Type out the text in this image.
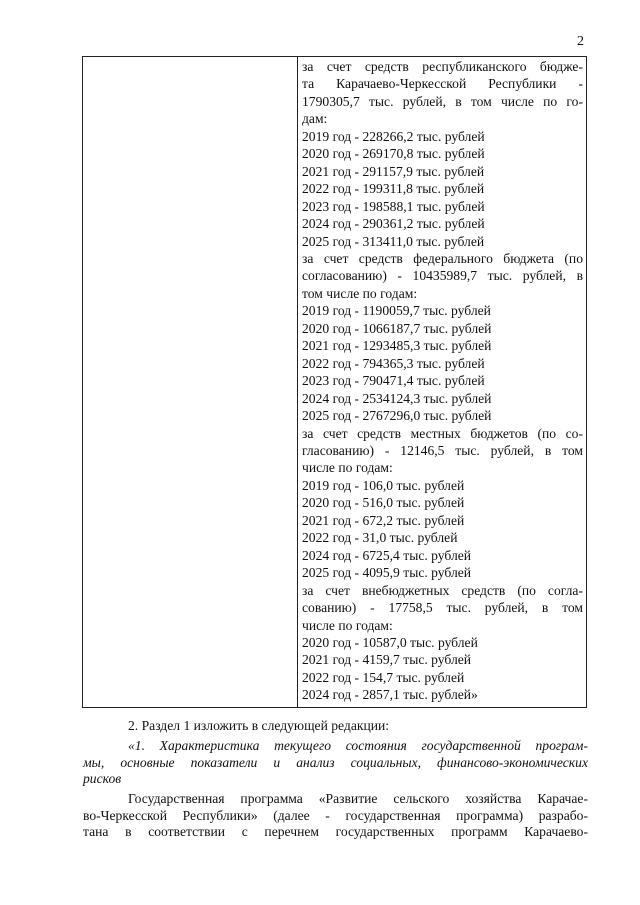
2

за счет средств республиканского бюдже-
та Карачаево-Черкесской Республики -
1790305,7 тыс. рублей, в том числе по го-
дам:
2019 год - 228266,2 тыс. рублей
2020 год - 269170,8 тыс. рублей
2021 год - 291157,9 тыс. рублей
2022 год - 199311,8 тыс. рублей
2023 год - 198588,1 тыс. рублей
2024 год - 290361,2 тыс. рублей
2025 год - 313411,0 тыс. рублей
за счет средств федерального бюджета (по
согласованию) - 10435989,7 тыс. рублей, в
том числе по годам:
2019 год - 1190059,7 тыс. рублей
2020 год - 1066187,7 тыс. рублей
2021 год - 1293485,3 тыс. рублей
2022 год - 794365,3 тыс. рублей
2023 год - 790471,4 тыс. рублей
2024 год - 2534124,3 тыс. рублей
2025 год - 2767296,0 тыс. рублей
за счет средств местных бюджетов (по со-
гласованию) - 12146,5 тыс. рублей, в том
числе по годам:
2019 год - 106,0 тыс. рублей
2020 год - 516,0 тыс. рублей
2021 год - 672,2 тыс. рублей
2022 год - 31,0 тыс. рублей
2024 год - 6725,4 тыс. рублей
2025 год - 4095,9 тыс. рублей
за счет внебюджетных средств (по согла-
сованию) - 17758,5 тыс. рублей, в том
числе по годам:
2020 год - 10587,0 тыс. рублей
2021 год - 4159,7 тыс. рублей
2022 год - 154,7 тыс. рублей
2024 год - 2857,1 тыс. рублей»
2. Раздел 1 изложить в следующей редакции:
«1. Характеристика текущего состояния государственной програм-
мы, основные показатели и анализ социальных, финансово-экономических
рисков
Государственная программа «Развитие сельского хозяйства Карачае-
во-Черкесской Республики» (далее - государственная программа) разрабо-
тана в соответствии с перечнем государственных программ Карачаево-
